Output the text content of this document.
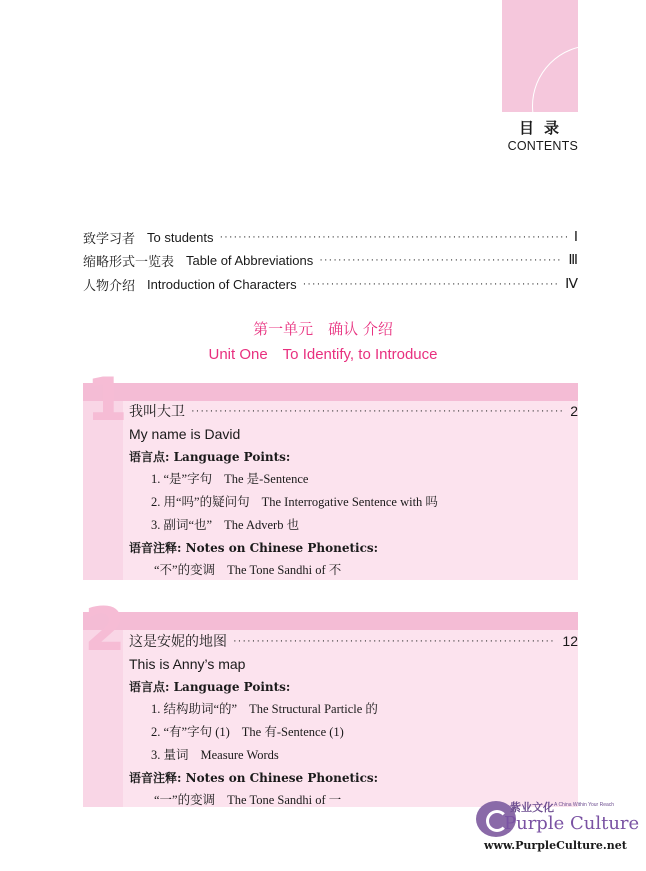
目录
CONTENTS
致学习者 To students ·····	Ⅰ
缩略形式一览表 Table of Abbreviations ·····	Ⅲ
人物介绍 Introduction of Characters ·····	Ⅳ
第一单元　确认 介绍
Unit One　To Identify, to Introduce
1 我叫大卫 ·····	2
My name is David
语言点: Language Points:
1. “是”字句 The 是-Sentence
2. 用“吗”的疑问句 The Interrogative Sentence with 吗
3. 副词“也” The Adverb 也
语音注释: Notes on Chinese Phonetics:
“不”的变调 The Tone Sandhi of 不
2 这是安妮的地图 ·····	12
This is Anny’s map
语言点: Language Points:
1. 结构助词“的” The Structural Particle 的
2. “有”字句 (1) The 有-Sentence (1)
3. 量词 Measure Words
语音注释: Notes on Chinese Phonetics:
“一”的变调 The Tone Sandhi of 一
紫业文化 A China Within Your Reach
Purple Culture
www.PurpleCulture.net
